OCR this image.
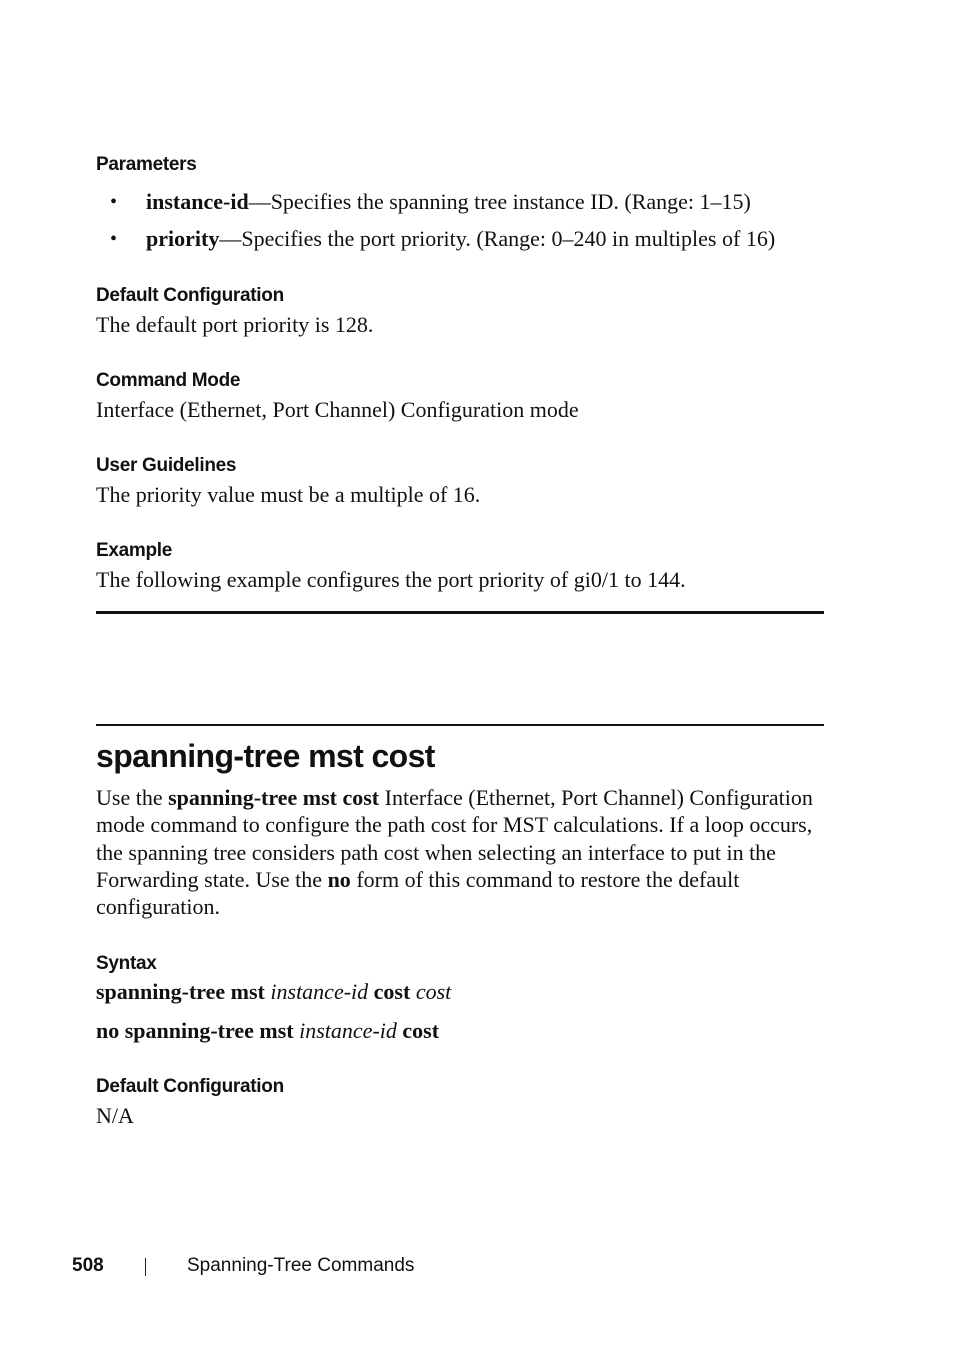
Parameters
• instance-id—Specifies the spanning tree instance ID. (Range: 1–15)
• priority—Specifies the port priority. (Range: 0–240 in multiples of 16)
Default Configuration

The default port priority is 128.

Command Mode

Interface (Ethernet, Port Channel) Configuration mode

User Guidelines

The priority value must be a multiple of 16.

Example

The following example configures the port priority of gi0/1 to 144.

spanning-tree mst cost

Use the spanning-tree mst cost Interface (Ethernet, Port Channel) Configuration mode command to configure the path cost for MST calculations. If a loop occurs, the spanning tree considers path cost when selecting an interface to put in the Forwarding state. Use the no form of this command to restore the default configuration.

Syntax

spanning-tree mst instance-id cost cost

no spanning-tree mst instance-id cost

Default Configuration

N/A

508	Spanning-Tree Commands
